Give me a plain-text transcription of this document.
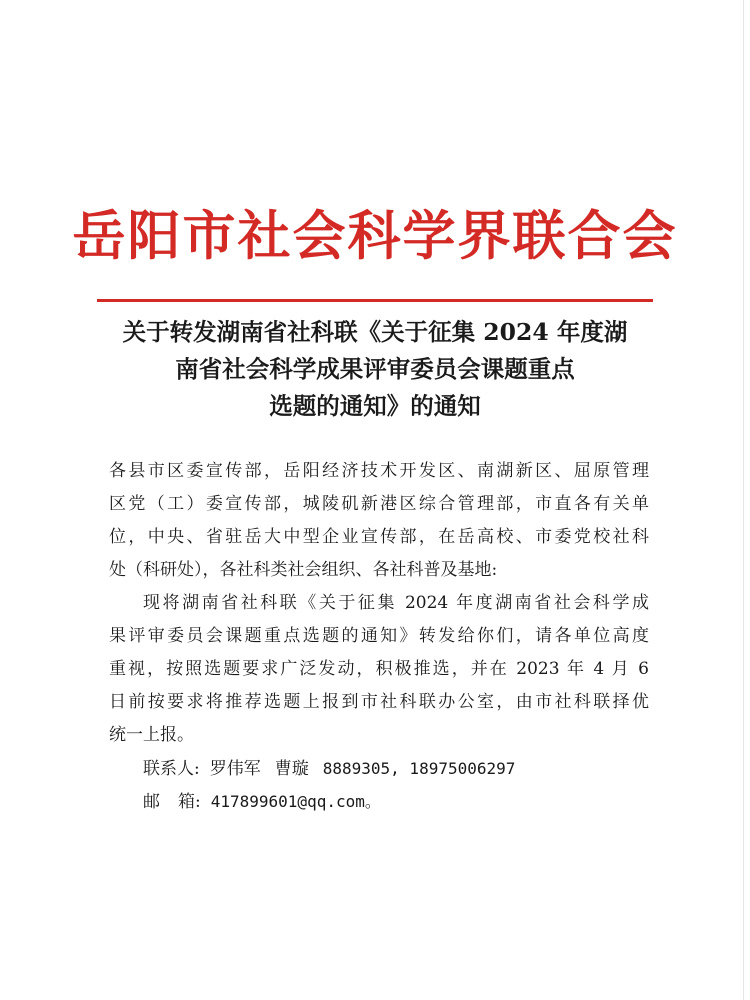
岳阳市社会科学界联合会
关于转发湖南省社科联《关于征集 2024 年度湖
南省社会科学成果评审委员会课题重点
选题的通知》的通知
各县市区委宣传部，岳阳经济技术开发区、南湖新区、屈原管理
区党（工）委宣传部，城陵矶新港区综合管理部，市直各有关单
位，中央、省驻岳大中型企业宣传部，在岳高校、市委党校社科
处（科研处），各社科类社会组织、各社科普及基地:
现将湖南省社科联《关于征集 2024 年度湖南省社会科学成
果评审委员会课题重点选题的通知》转发给你们，请各单位高度
重视，按照选题要求广泛发动，积极推选，并在 2023 年 4 月 6
日前按要求将推荐选题上报到市社科联办公室，由市社科联择优
统一上报。
联系人: 罗伟军 曹璇 8889305, 18975006297
邮 箱: 417899601@qq.com。
